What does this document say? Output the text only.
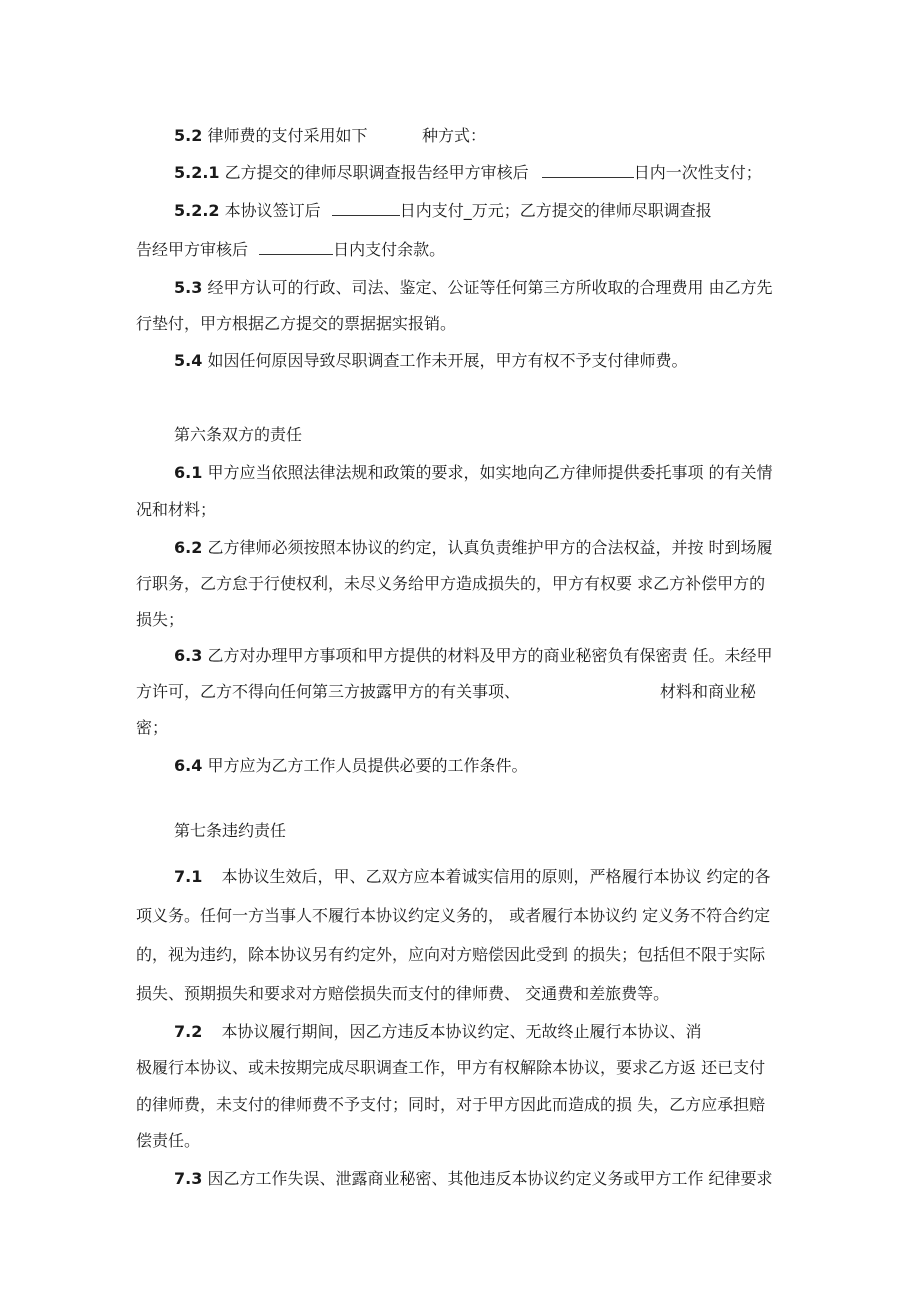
5.2 律师费的支付采用如下	种方式：
5.2.1 乙方提交的律师尽职调查报告经甲方审核后	日内一次性支付；
5.2.2 本协议签订后	日内支付_万元；乙方提交的律师尽职调查报
告经甲方审核后	日内支付余款。
5.3 经甲方认可的行政、司法、鉴定、公证等任何第三方所收取的合理费用 由乙方先
行垫付，甲方根据乙方提交的票据据实报销。
5.4 如因任何原因导致尽职调查工作未开展，甲方有权不予支付律师费。
第六条双方的责任
6.1 甲方应当依照法律法规和政策的要求，如实地向乙方律师提供委托事项 的有关情
况和材料；
6.2 乙方律师必须按照本协议的约定，认真负责维护甲方的合法权益，并按 时到场履
行职务，乙方怠于行使权利，未尽义务给甲方造成损失的，甲方有权要 求乙方补偿甲方的
损失；
6.3 乙方对办理甲方事项和甲方提供的材料及甲方的商业秘密负有保密责 任。未经甲
方许可，乙方不得向任何第三方披露甲方的有关事项、	材料和商业秘
密；
6.4 甲方应为乙方工作人员提供必要的工作条件。
第七条违约责任
7.1 本协议生效后，甲、乙双方应本着诚实信用的原则，严格履行本协议 约定的各
项义务。任何一方当事人不履行本协议约定义务的， 或者履行本协议约 定义务不符合约定
的，视为违约，除本协议另有约定外，应向对方赔偿因此受到 的损失；包括但不限于实际
损失、预期损失和要求对方赔偿损失而支付的律师费、 交通费和差旅费等。
7.2 本协议履行期间，因乙方违反本协议约定、无故终止履行本协议、消
极履行本协议、或未按期完成尽职调查工作，甲方有权解除本协议，要求乙方返 还已支付
的律师费，未支付的律师费不予支付；同时，对于甲方因此而造成的损 失，乙方应承担赔
偿责任。
7.3 因乙方工作失误、泄露商业秘密、其他违反本协议约定义务或甲方工作 纪律要求
